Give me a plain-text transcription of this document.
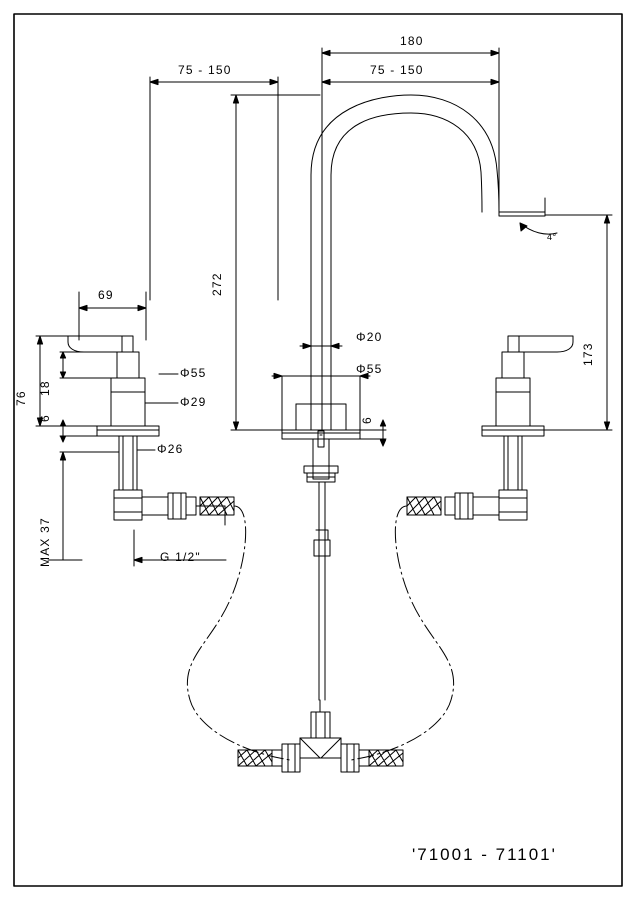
180
75 - 150	75 - 150
272
173
69
76
18
6	6
MAX 37
Φ55
Φ29
Φ26
Φ20
Φ55
G 1/2"
4°
'71001 - 71101'
